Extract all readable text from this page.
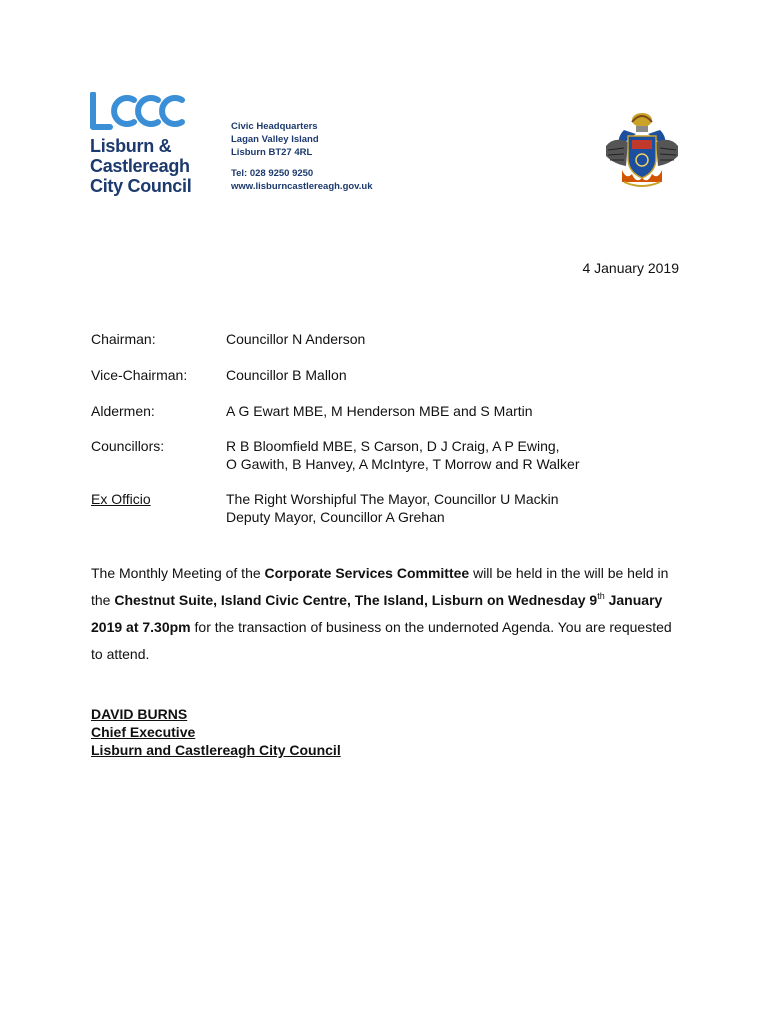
Lisburn &
Castlereagh
City Council
Civic Headquarters
Lagan Valley Island
Lisburn BT27 4RL
Tel: 028 9250 9250
www.lisburncastlereagh.gov.uk
4 January 2019
Chairman:	Councillor N Anderson
Vice-Chairman:	Councillor B Mallon
Aldermen:	A G Ewart MBE, M Henderson MBE and S Martin
Councillors:	R B Bloomfield MBE, S Carson, D J Craig, A P Ewing,
O Gawith, B Hanvey, A McIntyre, T Morrow and R Walker
Ex Officio	The Right Worshipful The Mayor, Councillor U Mackin
Deputy Mayor, Councillor A Grehan
The Monthly Meeting of the Corporate Services Committee will be held in the will be held in the Chestnut Suite, Island Civic Centre, The Island, Lisburn on Wednesday 9th January 2019 at 7.30pm for the transaction of business on the undernoted Agenda. You are requested to attend.
DAVID BURNS
Chief Executive
Lisburn and Castlereagh City Council
